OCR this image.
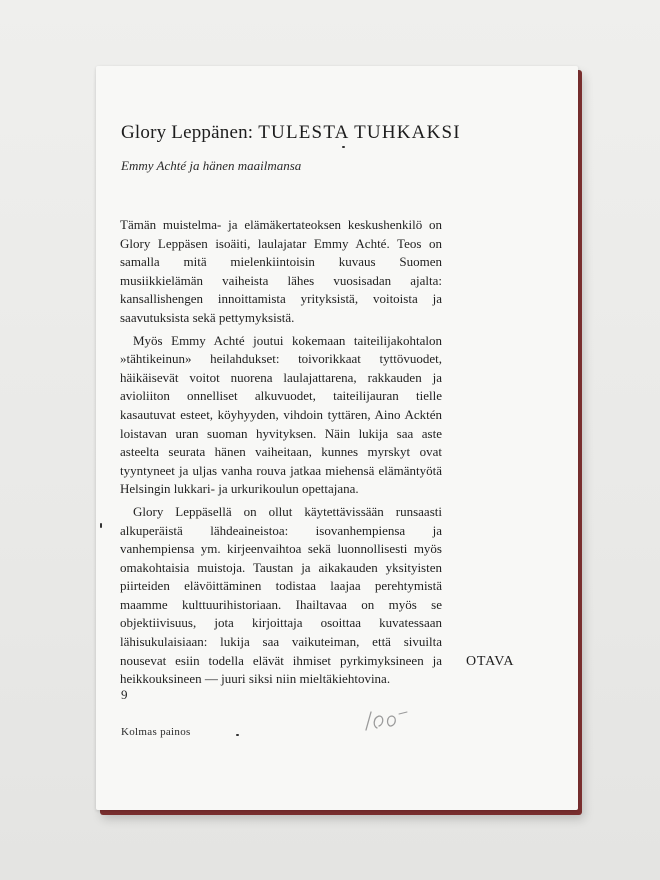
Glory Leppänen: TULESTA TUHKAKSI
Emmy Achté ja hänen maailmansa

Tämän muistelma- ja elämäkertateoksen keskushenkilö on Glory Leppäsen isoäiti, laulajatar Emmy Achté. Teos on samalla mitä mielenkiintoisin kuvaus Suomen musiikkielämän vaiheista lähes vuosisadan ajalta: kansallishengen innoittamista yrityksistä, voitoista ja saavutuksista sekä pettymyksistä.

Myös Emmy Achté joutui kokemaan taiteilijakohtalon »tähtikeinun» heilahdukset: toivorikkaat tyttövuodet, häikäisevät voitot nuorena laulajattarena, rakkauden ja avioliiton onnelliset alkuvuodet, taiteilijauran tielle kasautuvat esteet, köyhyyden, vihdoin tyttären, Aino Acktén loistavan uran suoman hyvityksen. Näin lukija saa aste asteelta seurata hänen vaiheitaan, kunnes myrskyt ovat tyyntyneet ja uljas vanha rouva jatkaa miehensä elämäntyötä Helsingin lukkari- ja urkurikoulun opettajana.

Glory Leppäsellä on ollut käytettävissään runsaasti alkuperäistä lähdeaineistoa: isovanhempiensa ja vanhempiensa ym. kirjeenvaihtoa sekä luonnollisesti myös omakohtaisia muistoja. Taustan ja aikakauden yksityisten piirteiden elävöittäminen todistaa laajaa perehtymistä maamme kulttuurihistoriaan. Ihailtavaa on myös se objektiivisuus, jota kirjoittaja osoittaa kuvatessaan lähisukulaisiaan: lukija saa vaikuteiman, että sivuilta nousevat esiin todella elävät ihmiset pyrkimyksineen ja heikkouksineen — juuri siksi niin mieltäkiehtovina.

OTAVA
9
Kolmas painos
